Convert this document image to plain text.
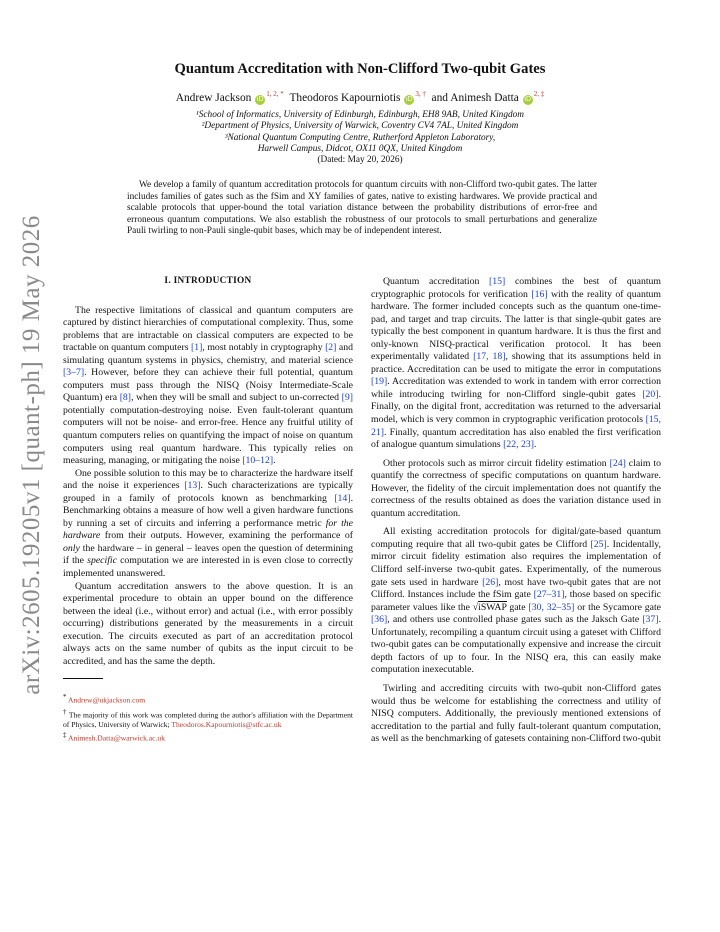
arXiv:2605.19205v1 [quant-ph] 19 May 2026
Quantum Accreditation with Non-Clifford Two-qubit Gates
Andrew Jackson $iD^{1, 2, *}$ Theodoros Kapourniotis $iD^{3, \dagger}$ and Animesh Datta $iD^{2, \ddagger}$
¹School of Informatics, University of Edinburgh, Edinburgh, EH8 9AB, United Kingdom
²Department of Physics, University of Warwick, Coventry CV4 7AL, United Kingdom
³National Quantum Computing Centre, Rutherford Appleton Laboratory,
Harwell Campus, Didcot, OX11 0QX, United Kingdom
(Dated: May 20, 2026)
We develop a family of quantum accreditation protocols for quantum circuits with non-Clifford two-qubit gates. The latter includes families of gates such as the fSim and XY families of gates, native to existing hardwares. We provide practical and scalable protocols that upper-bound the total variation distance between the probability distributions of error-free and erroneous quantum computations. We also establish the robustness of our protocols to small perturbations and generalize Pauli twirling to non-Pauli single-qubit bases, which may be of independent interest.
I. INTRODUCTION

The respective limitations of classical and quantum computers are captured by distinct hierarchies of computational complexity. Thus, some problems that are intractable on classical computers are expected to be tractable on quantum computers [1], most notably in cryptography [2] and simulating quantum systems in physics, chemistry, and material science [3–7]. However, before they can achieve their full potential, quantum computers must pass through the NISQ (Noisy Intermediate-Scale Quantum) era [8], when they will be small and subject to un-corrected [9] potentially computation-destroying noise. Even fault-tolerant quantum computers will not be noise- and error-free. Hence any fruitful utility of quantum computers relies on quantifying the impact of noise on quantum computers using real quantum hardware. This typically relies on measuring, managing, or mitigating the noise [10–12].

One possible solution to this may be to characterize the hardware itself and the noise it experiences [13]. Such characterizations are typically grouped in a family of protocols known as benchmarking [14]. Benchmarking obtains a measure of how well a given hardware functions by running a set of circuits and inferring a performance metric for the hardware from their outputs. However, examining the performance of only the hardware – in general – leaves open the question of determining if the specific computation we are interested in is even close to correctly implemented unanswered.

Quantum accreditation answers to the above question. It is an experimental procedure to obtain an upper bound on the difference between the ideal (i.e., without error) and actual (i.e., with error possibly occurring) distributions generated by the measurements in a circuit execution. The circuits executed as part of an accreditation protocol always acts on the same number of qubits as the input circuit to be accredited, and has the same the depth.

* Andrew@ukjackson.com
† The majority of this work was completed during the author's affiliation with the Department of Physics, University of Warwick; Theodoros.Kapourniotis@stfc.ac.uk
‡ Animesh.Datta@warwick.ac.uk

Quantum accreditation [15] combines the best of quantum cryptographic protocols for verification [16] with the reality of quantum hardware. The former included concepts such as the quantum one-time-pad, and target and trap circuits. The latter is that single-qubit gates are typically the best component in quantum hardware. It is thus the first and only-known NISQ-practical verification protocol. It has been experimentally validated [17, 18], showing that its assumptions held in practice. Accreditation can be used to mitigate the error in computations [19]. Accreditation was extended to work in tandem with error correction while introducing twirling for non-Clifford single-qubit gates [20]. Finally, on the digital front, accreditation was returned to the adversarial model, which is very common in cryptographic verification protocols [15, 21]. Finally, quantum accreditation has also enabled the first verification of analogue quantum simulations [22, 23].

Other protocols such as mirror circuit fidelity estimation [24] claim to quantify the correctness of specific computations on quantum hardware. However, the fidelity of the circuit implementation does not quantify the correctness of the results obtained as does the variation distance used in quantum accreditation.

All existing accreditation protocols for digital/gate-based quantum computing require that all two-qubit gates be Clifford [25]. Incidentally, mirror circuit fidelity estimation also requires the implementation of Clifford self-inverse two-qubit gates. Experimentally, of the numerous gate sets used in hardware [26], most have two-qubit gates that are not Clifford. Instances include the fSim gate [27–31], those based on specific parameter values like the √iSWAP gate [30, 32–35] or the Sycamore gate [36], and others use controlled phase gates such as the Jaksch Gate [37]. Unfortunately, recompiling a quantum circuit using a gateset with Clifford two-qubit gates can be computationally expensive and increase the circuit depth factors of up to four. In the NISQ era, this can easily make computation inexecutable.

Twirling and accrediting circuits with two-qubit non-Clifford gates would thus be welcome for establishing the correctness and utility of NISQ computers. Additionally, the previously mentioned extensions of accreditation to the partial and fully fault-tolerant quantum computation, as well as the benchmarking of gatesets containing non-Clifford two-qubit
